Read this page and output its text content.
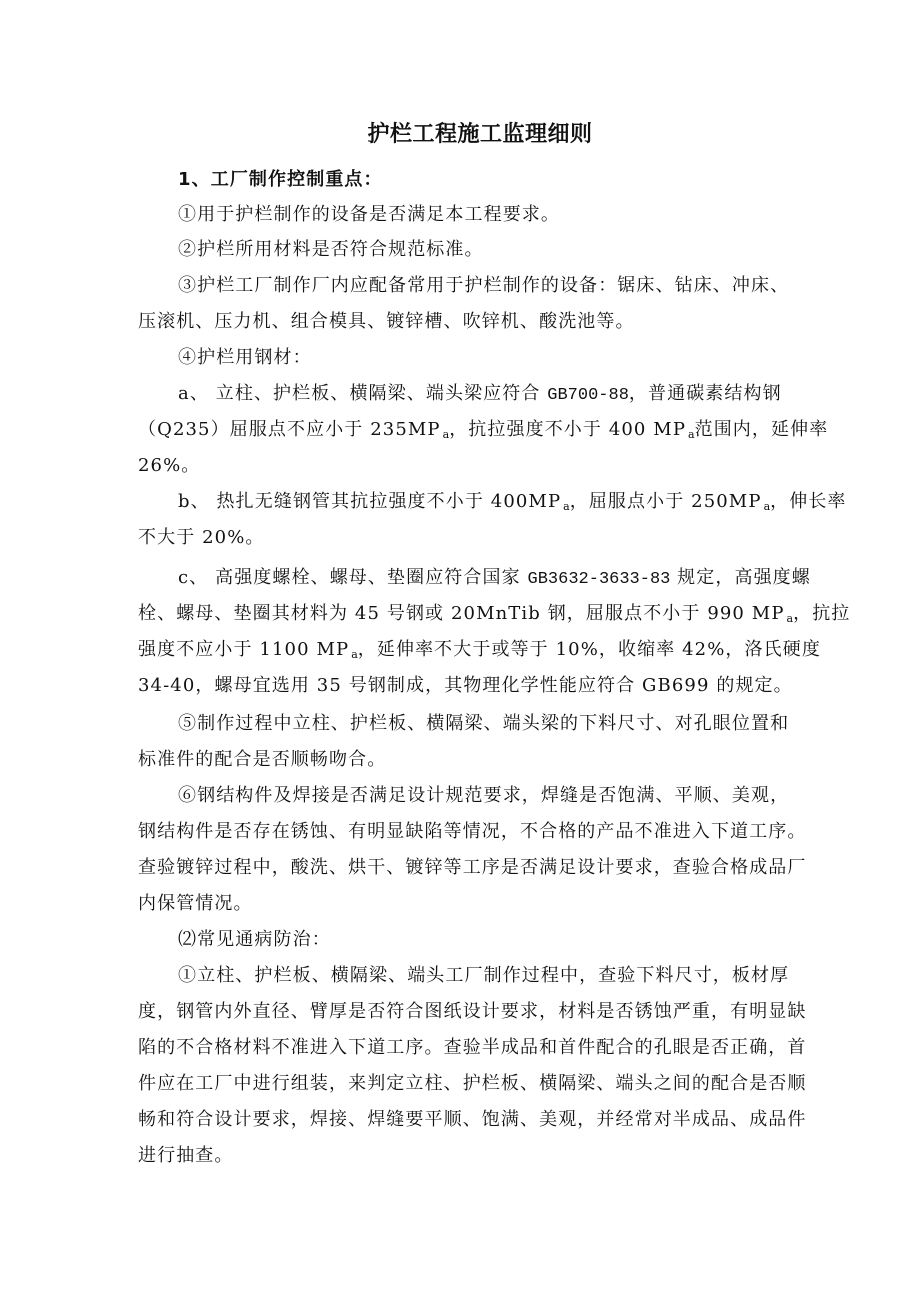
护栏工程施工监理细则
1、工厂制作控制重点：
①用于护栏制作的设备是否满足本工程要求。
②护栏所用材料是否符合规范标准。
③护栏工厂制作厂内应配备常用于护栏制作的设备：锯床、钻床、冲床、
压滚机、压力机、组合模具、镀锌槽、吹锌机、酸洗池等。
④护栏用钢材：
a、 立柱、护栏板、横隔梁、端头梁应符合 GB700-88，普通碳素结构钢
（Q235）屈服点不应小于 235MP $_a$，抗拉强度不小于 400 MP $_a$范围内，延伸率
26%。
b、 热扎无缝钢管其抗拉强度不小于 400MP $_a$，屈服点小于 250MP $_a$，伸长率
不大于 20%。
c、 高强度螺栓、螺母、垫圈应符合国家 GB3632-3633-83 规定，高强度螺
栓、螺母、垫圈其材料为 45 号钢或 20MnTib 钢，屈服点不小于 990 MP $_a$，抗拉
强度不应小于 1100 MP $_a$，延伸率不大于或等于 10%，收缩率 42%，洛氏硬度
34-40，螺母宜选用 35 号钢制成，其物理化学性能应符合 GB699 的规定。
⑤制作过程中立柱、护栏板、横隔梁、端头梁的下料尺寸、对孔眼位置和
标准件的配合是否顺畅吻合。
⑥钢结构件及焊接是否满足设计规范要求，焊缝是否饱满、平顺、美观，
钢结构件是否存在锈蚀、有明显缺陷等情况，不合格的产品不准进入下道工序。
查验镀锌过程中，酸洗、烘干、镀锌等工序是否满足设计要求，查验合格成品厂
内保管情况。
⑵常见通病防治：
①立柱、护栏板、横隔梁、端头工厂制作过程中，查验下料尺寸，板材厚
度，钢管内外直径、臂厚是否符合图纸设计要求，材料是否锈蚀严重，有明显缺
陷的不合格材料不准进入下道工序。查验半成品和首件配合的孔眼是否正确，首
件应在工厂中进行组装，来判定立柱、护栏板、横隔梁、端头之间的配合是否顺
畅和符合设计要求，焊接、焊缝要平顺、饱满、美观，并经常对半成品、成品件
进行抽查。
